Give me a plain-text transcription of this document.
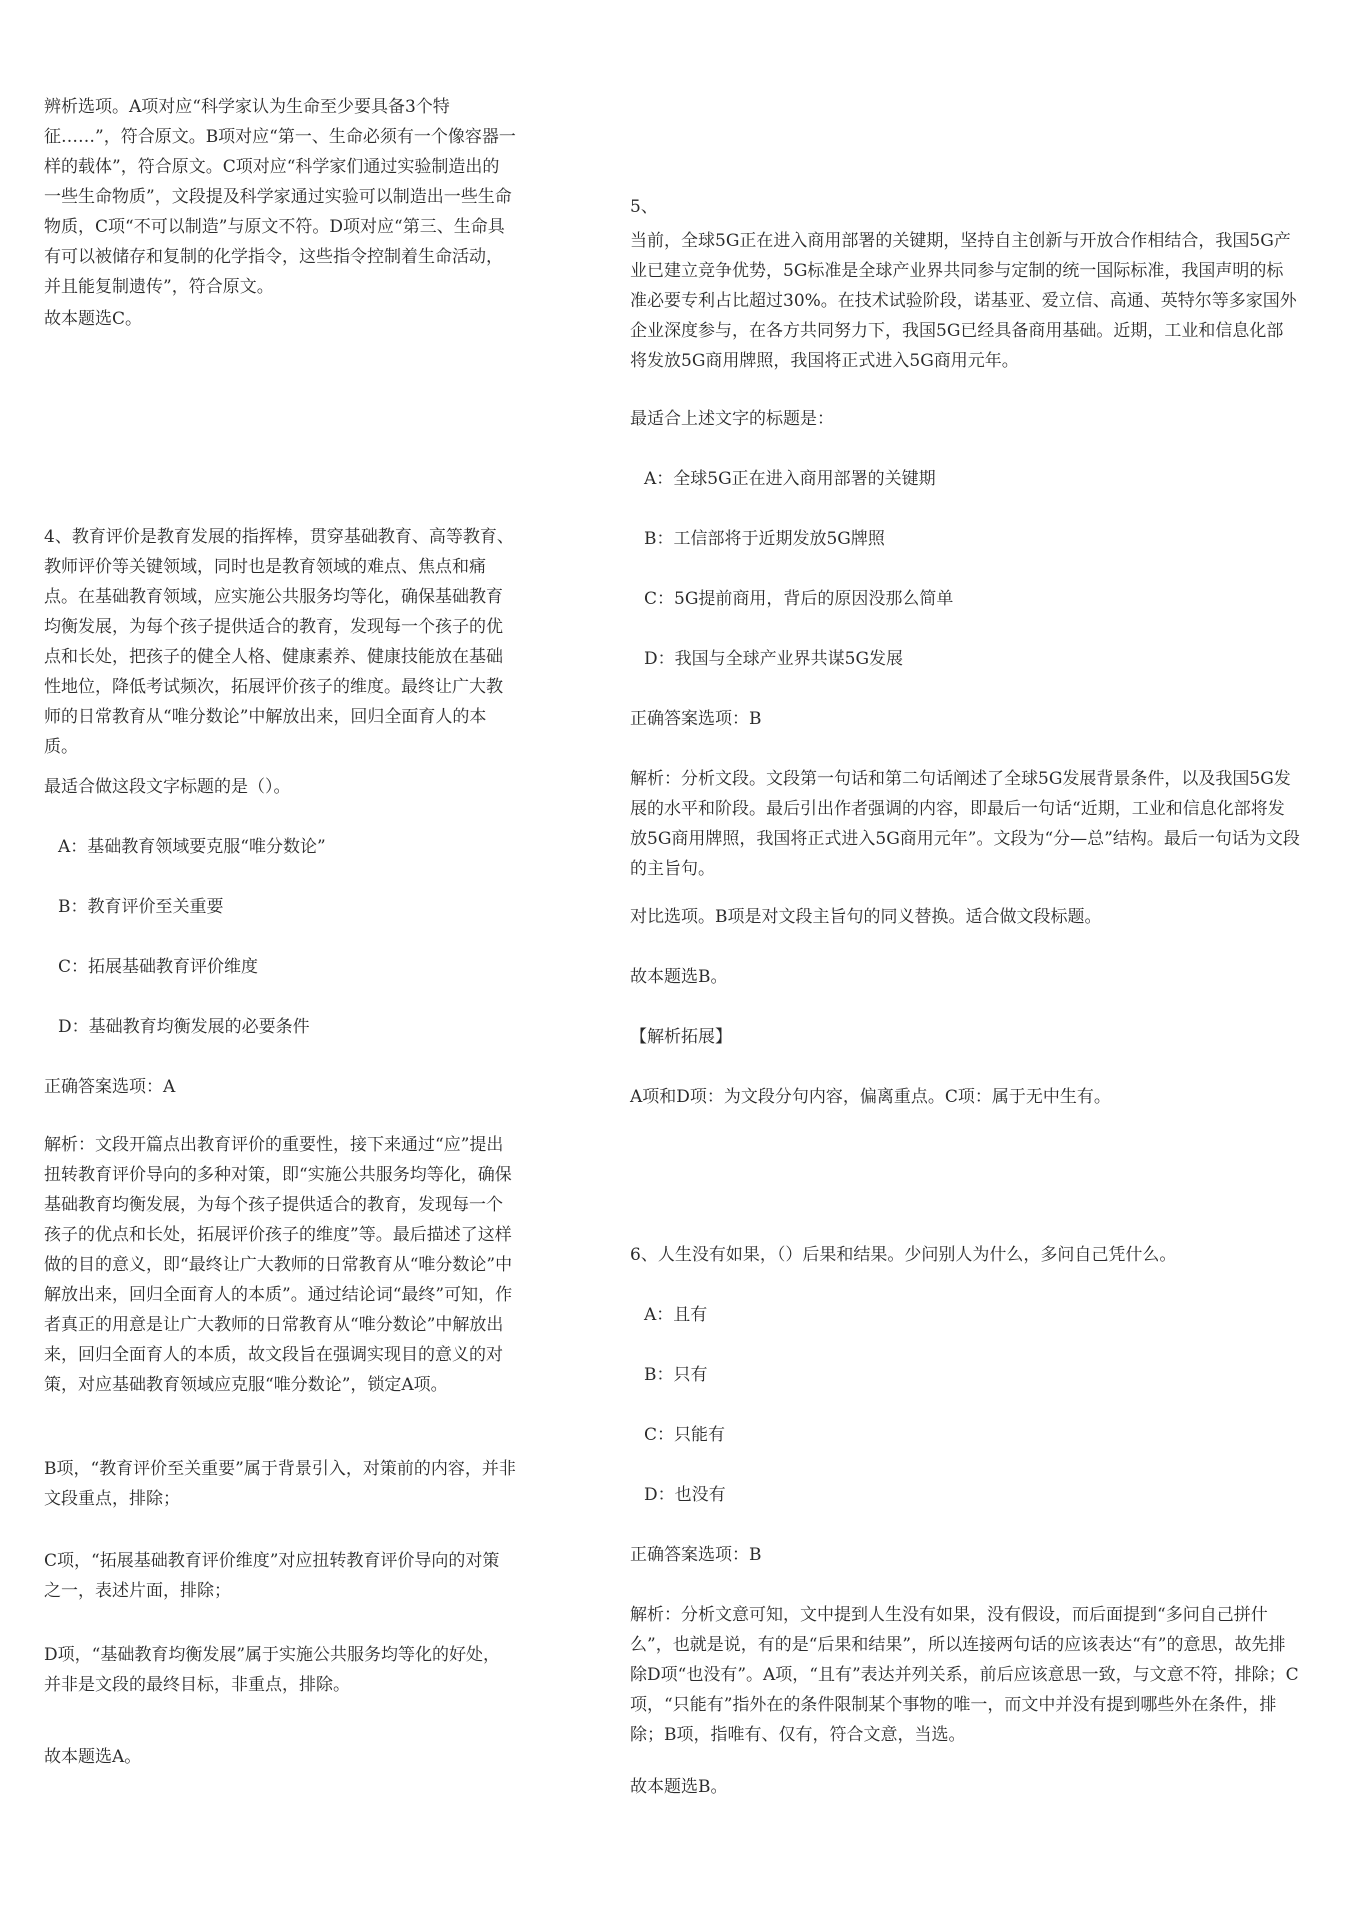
辨析选项。A项对应“科学家认为生命至少要具备3个特征……”，符合原文。B项对应“第一、生命必须有一个像容器一样的载体”，符合原文。C项对应“科学家们通过实验制造出的一些生命物质”，文段提及科学家通过实验可以制造出一些生命物质，C项“不可以制造”与原文不符。D项对应“第三、生命具有可以被储存和复制的化学指令，这些指令控制着生命活动，并且能复制遗传”，符合原文。

故本题选C。

4、教育评价是教育发展的指挥棒，贯穿基础教育、高等教育、教师评价等关键领域，同时也是教育领域的难点、焦点和痛点。在基础教育领域，应实施公共服务均等化，确保基础教育均衡发展，为每个孩子提供适合的教育，发现每一个孩子的优点和长处，把孩子的健全人格、健康素养、健康技能放在基础性地位，降低考试频次，拓展评价孩子的维度。最终让广大教师的日常教育从“唯分数论”中解放出来，回归全面育人的本质。

最适合做这段文字标题的是（）。

A：基础教育领域要克服“唯分数论”

B：教育评价至关重要

C：拓展基础教育评价维度

D：基础教育均衡发展的必要条件

正确答案选项：A

解析：文段开篇点出教育评价的重要性，接下来通过“应”提出扭转教育评价导向的多种对策，即“实施公共服务均等化，确保基础教育均衡发展，为每个孩子提供适合的教育，发现每一个孩子的优点和长处，拓展评价孩子的维度”等。最后描述了这样做的目的意义，即“最终让广大教师的日常教育从“唯分数论”中解放出来，回归全面育人的本质”。通过结论词“最终”可知，作者真正的用意是让广大教师的日常教育从“唯分数论”中解放出来，回归全面育人的本质，故文段旨在强调实现目的意义的对策，对应基础教育领域应克服“唯分数论”，锁定A项。

B项，“教育评价至关重要”属于背景引入，对策前的内容，并非文段重点，排除；

C项，“拓展基础教育评价维度”对应扭转教育评价导向的对策之一，表述片面，排除；

D项，“基础教育均衡发展”属于实施公共服务均等化的好处，并非是文段的最终目标，非重点，排除。

故本题选A。

5、

当前，全球5G正在进入商用部署的关键期，坚持自主创新与开放合作相结合，我国5G产业已建立竞争优势，5G标准是全球产业界共同参与定制的统一国际标准，我国声明的标准必要专利占比超过30%。在技术试验阶段，诺基亚、爱立信、高通、英特尔等多家国外企业深度参与，在各方共同努力下，我国5G已经具备商用基础。近期，工业和信息化部将发放5G商用牌照，我国将正式进入5G商用元年。

最适合上述文字的标题是：

A：全球5G正在进入商用部署的关键期

B：工信部将于近期发放5G牌照

C：5G提前商用，背后的原因没那么简单

D：我国与全球产业界共谋5G发展

正确答案选项：B

解析：分析文段。文段第一句话和第二句话阐述了全球5G发展背景条件，以及我国5G发展的水平和阶段。最后引出作者强调的内容，即最后一句话“近期，工业和信息化部将发放5G商用牌照，我国将正式进入5G商用元年”。文段为“分—总”结构。最后一句话为文段的主旨句。

对比选项。B项是对文段主旨句的同义替换。适合做文段标题。

故本题选B。

【解析拓展】

A项和D项：为文段分句内容，偏离重点。C项：属于无中生有。

6、人生没有如果，（）后果和结果。少问别人为什么，多问自己凭什么。

A：且有

B：只有

C：只能有

D：也没有

正确答案选项：B

解析：分析文意可知，文中提到人生没有如果，没有假设，而后面提到“多问自己拼什么”，也就是说，有的是“后果和结果”，所以连接两句话的应该表达“有”的意思，故先排除D项“也没有”。A项，“且有”表达并列关系，前后应该意思一致，与文意不符，排除；C项，“只能有”指外在的条件限制某个事物的唯一，而文中并没有提到哪些外在条件，排除；B项，指唯有、仅有，符合文意，当选。

故本题选B。
